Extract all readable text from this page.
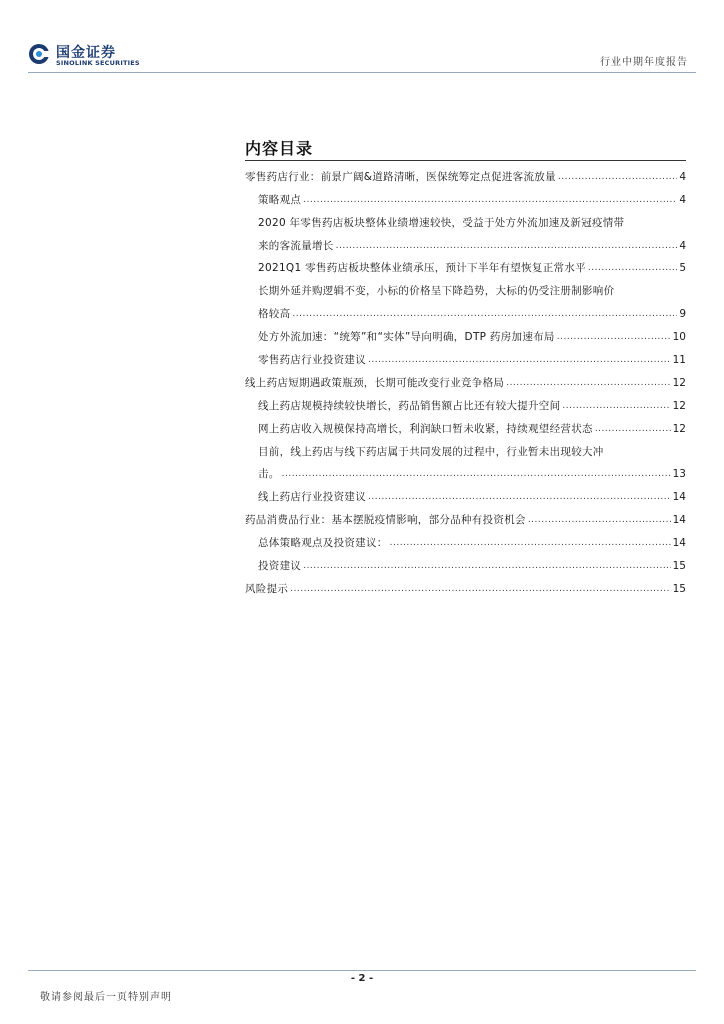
国金证券
SINOLINK SECURITIES	行业中期年度报告
内容目录
零售药店行业：前景广阔&道路清晰，医保统筹定点促进客流放量 .....	4
策略观点 .....	4
2020 年零售药店板块整体业绩增速较快，受益于处方外流加速及新冠疫情带
来的客流量增长 .....	4
2021Q1 零售药店板块整体业绩承压，预计下半年有望恢复正常水平 .....	5
长期外延并购逻辑不变，小标的价格呈下降趋势，大标的仍受注册制影响价
格较高 .....	9
处方外流加速：“统筹”和“实体”导向明确，DTP 药房加速布局 .....	10
零售药店行业投资建议 .....	11
线上药店短期遇政策瓶颈，长期可能改变行业竞争格局 .....	12
线上药店规模持续较快增长，药品销售额占比还有较大提升空间 .....	12
网上药店收入规模保持高增长，利润缺口暂未收紧，持续观望经营状态 .....	12
目前，线上药店与线下药店属于共同发展的过程中，行业暂未出现较大冲
击。 .....	13
线上药店行业投资建议 .....	14
药品消费品行业：基本摆脱疫情影响，部分品种有投资机会 .....	14
总体策略观点及投资建议： .....	14
投资建议 .....	15
风险提示 .....	15
- 2 -
敬请参阅最后一页特别声明
